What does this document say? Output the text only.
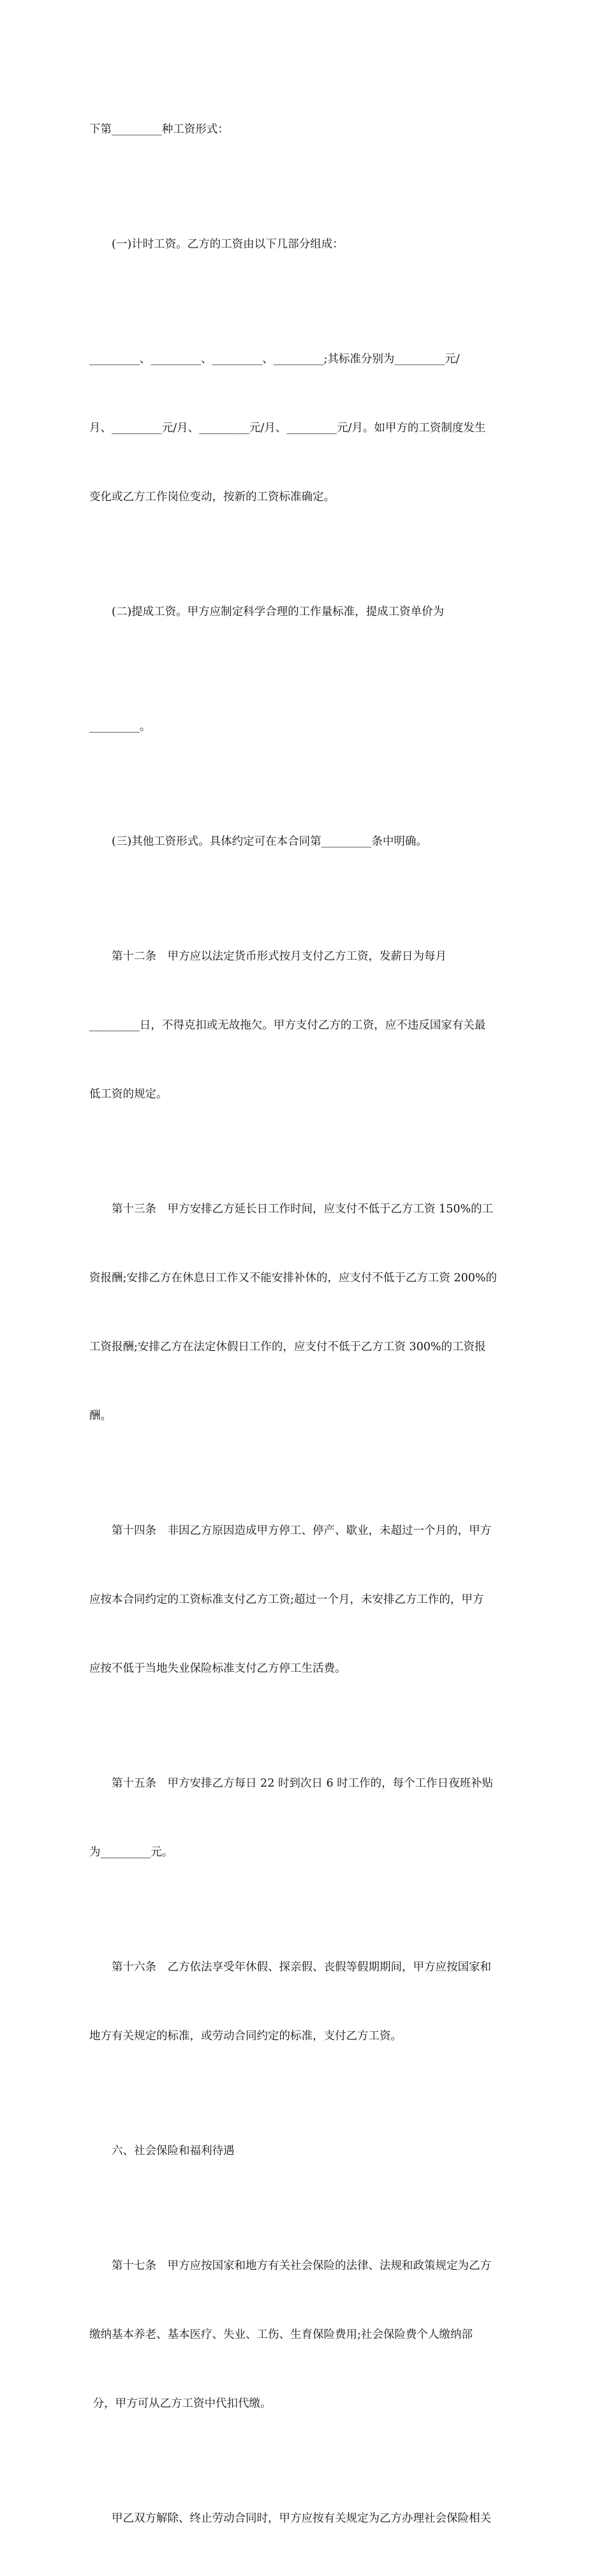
下第_________种工资形式：

(一)计时工资。乙方的工资由以下几部分组成：

_________、_________、_________、_________;其标准分别为_________元/

月、_________元/月、_________元/月、_________元/月。如甲方的工资制度发生

变化或乙方工作岗位变动，按新的工资标准确定。

(二)提成工资。甲方应制定科学合理的工作量标准，提成工资单价为

_________。

(三)其他工资形式。具体约定可在本合同第_________条中明确。

第十二条　甲方应以法定货币形式按月支付乙方工资，发薪日为每月

_________日，不得克扣或无故拖欠。甲方支付乙方的工资，应不违反国家有关最

低工资的规定。

第十三条　甲方安排乙方延长日工作时间，应支付不低于乙方工资 150%的工

资报酬;安排乙方在休息日工作又不能安排补休的，应支付不低于乙方工资 200%的

工资报酬;安排乙方在法定休假日工作的，应支付不低于乙方工资 300%的工资报

酬。

第十四条　非因乙方原因造成甲方停工、停产、歇业，未超过一个月的，甲方

应按本合同约定的工资标准支付乙方工资;超过一个月，未安排乙方工作的，甲方

应按不低于当地失业保险标准支付乙方停工生活费。

第十五条　甲方安排乙方每日 22 时到次日 6 时工作的，每个工作日夜班补贴

为_________元。

第十六条　乙方依法享受年休假、探亲假、丧假等假期期间，甲方应按国家和

地方有关规定的标准，或劳动合同约定的标准，支付乙方工资。

六、社会保险和福利待遇

第十七条　甲方应按国家和地方有关社会保险的法律、法规和政策规定为乙方

缴纳基本养老、基本医疗、失业、工伤、生育保险费用;社会保险费个人缴纳部

分，甲方可从乙方工资中代扣代缴。

甲乙双方解除、终止劳动合同时，甲方应按有关规定为乙方办理社会保险相关
